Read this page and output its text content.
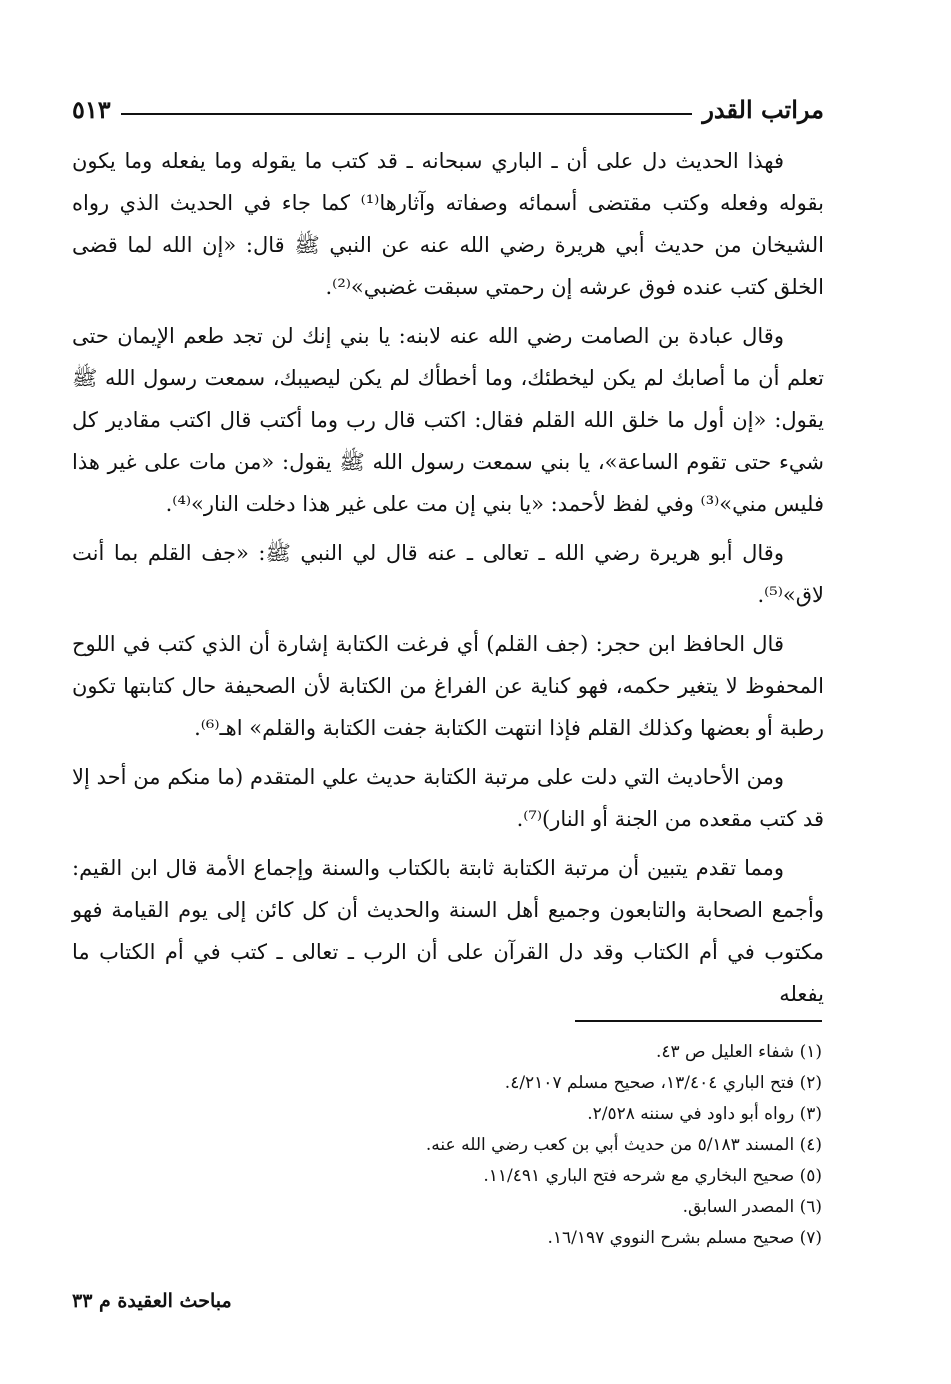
مراتب القدر
٥١٣

فهذا الحديث دل على أن ـ الباري سبحانه ـ قد كتب ما يقوله وما يفعله وما يكون بقوله وفعله وكتب مقتضى أسمائه وصفاته وآثارها⁽¹⁾ كما جاء في الحديث الذي رواه الشيخان من حديث أبي هريرة رضي الله عنه عن النبي ﷺ قال: «إن الله لما قضى الخلق كتب عنده فوق عرشه إن رحمتي سبقت غضبي»⁽²⁾.

وقال عبادة بن الصامت رضي الله عنه لابنه: يا بني إنك لن تجد طعم الإيمان حتى تعلم أن ما أصابك لم يكن ليخطئك، وما أخطأك لم يكن ليصيبك، سمعت رسول الله ﷺ يقول: «إن أول ما خلق الله القلم فقال: اكتب قال رب وما أكتب قال اكتب مقادير كل شيء حتى تقوم الساعة»، يا بني سمعت رسول الله ﷺ يقول: «من مات على غير هذا فليس مني»⁽³⁾ وفي لفظ لأحمد: «يا بني إن مت على غير هذا دخلت النار»⁽⁴⁾.

وقال أبو هريرة رضي الله ـ تعالى ـ عنه قال لي النبي ﷺ: «جف القلم بما أنت لاق»⁽⁵⁾.

قال الحافظ ابن حجر: (جف القلم) أي فرغت الكتابة إشارة أن الذي كتب في اللوح المحفوظ لا يتغير حكمه، فهو كناية عن الفراغ من الكتابة لأن الصحيفة حال كتابتها تكون رطبة أو بعضها وكذلك القلم فإذا انتهت الكتابة جفت الكتابة والقلم» اهـ⁽⁶⁾.

ومن الأحاديث التي دلت على مرتبة الكتابة حديث علي المتقدم (ما منكم من أحد إلا قد كتب مقعده من الجنة أو النار)⁽⁷⁾.

ومما تقدم يتبين أن مرتبة الكتابة ثابتة بالكتاب والسنة وإجماع الأمة قال ابن القيم: وأجمع الصحابة والتابعون وجميع أهل السنة والحديث أن كل كائن إلى يوم القيامة فهو مكتوب في أم الكتاب وقد دل القرآن على أن الرب ـ تعالى ـ كتب في أم الكتاب ما يفعله

(١) شفاء العليل ص ٤٣.
(٢) فتح الباري ١٣/٤٠٤، صحيح مسلم ٤/٢١٠٧.
(٣) رواه أبو داود في سننه ٢/٥٢٨.
(٤) المسند ٥/١٨٣ من حديث أبي بن كعب رضي الله عنه.
(٥) صحيح البخاري مع شرحه فتح الباري ١١/٤٩١.
(٦) المصدر السابق.
(٧) صحيح مسلم بشرح النووي ١٦/١٩٧.
مباحث العقيدة م ٣٣
